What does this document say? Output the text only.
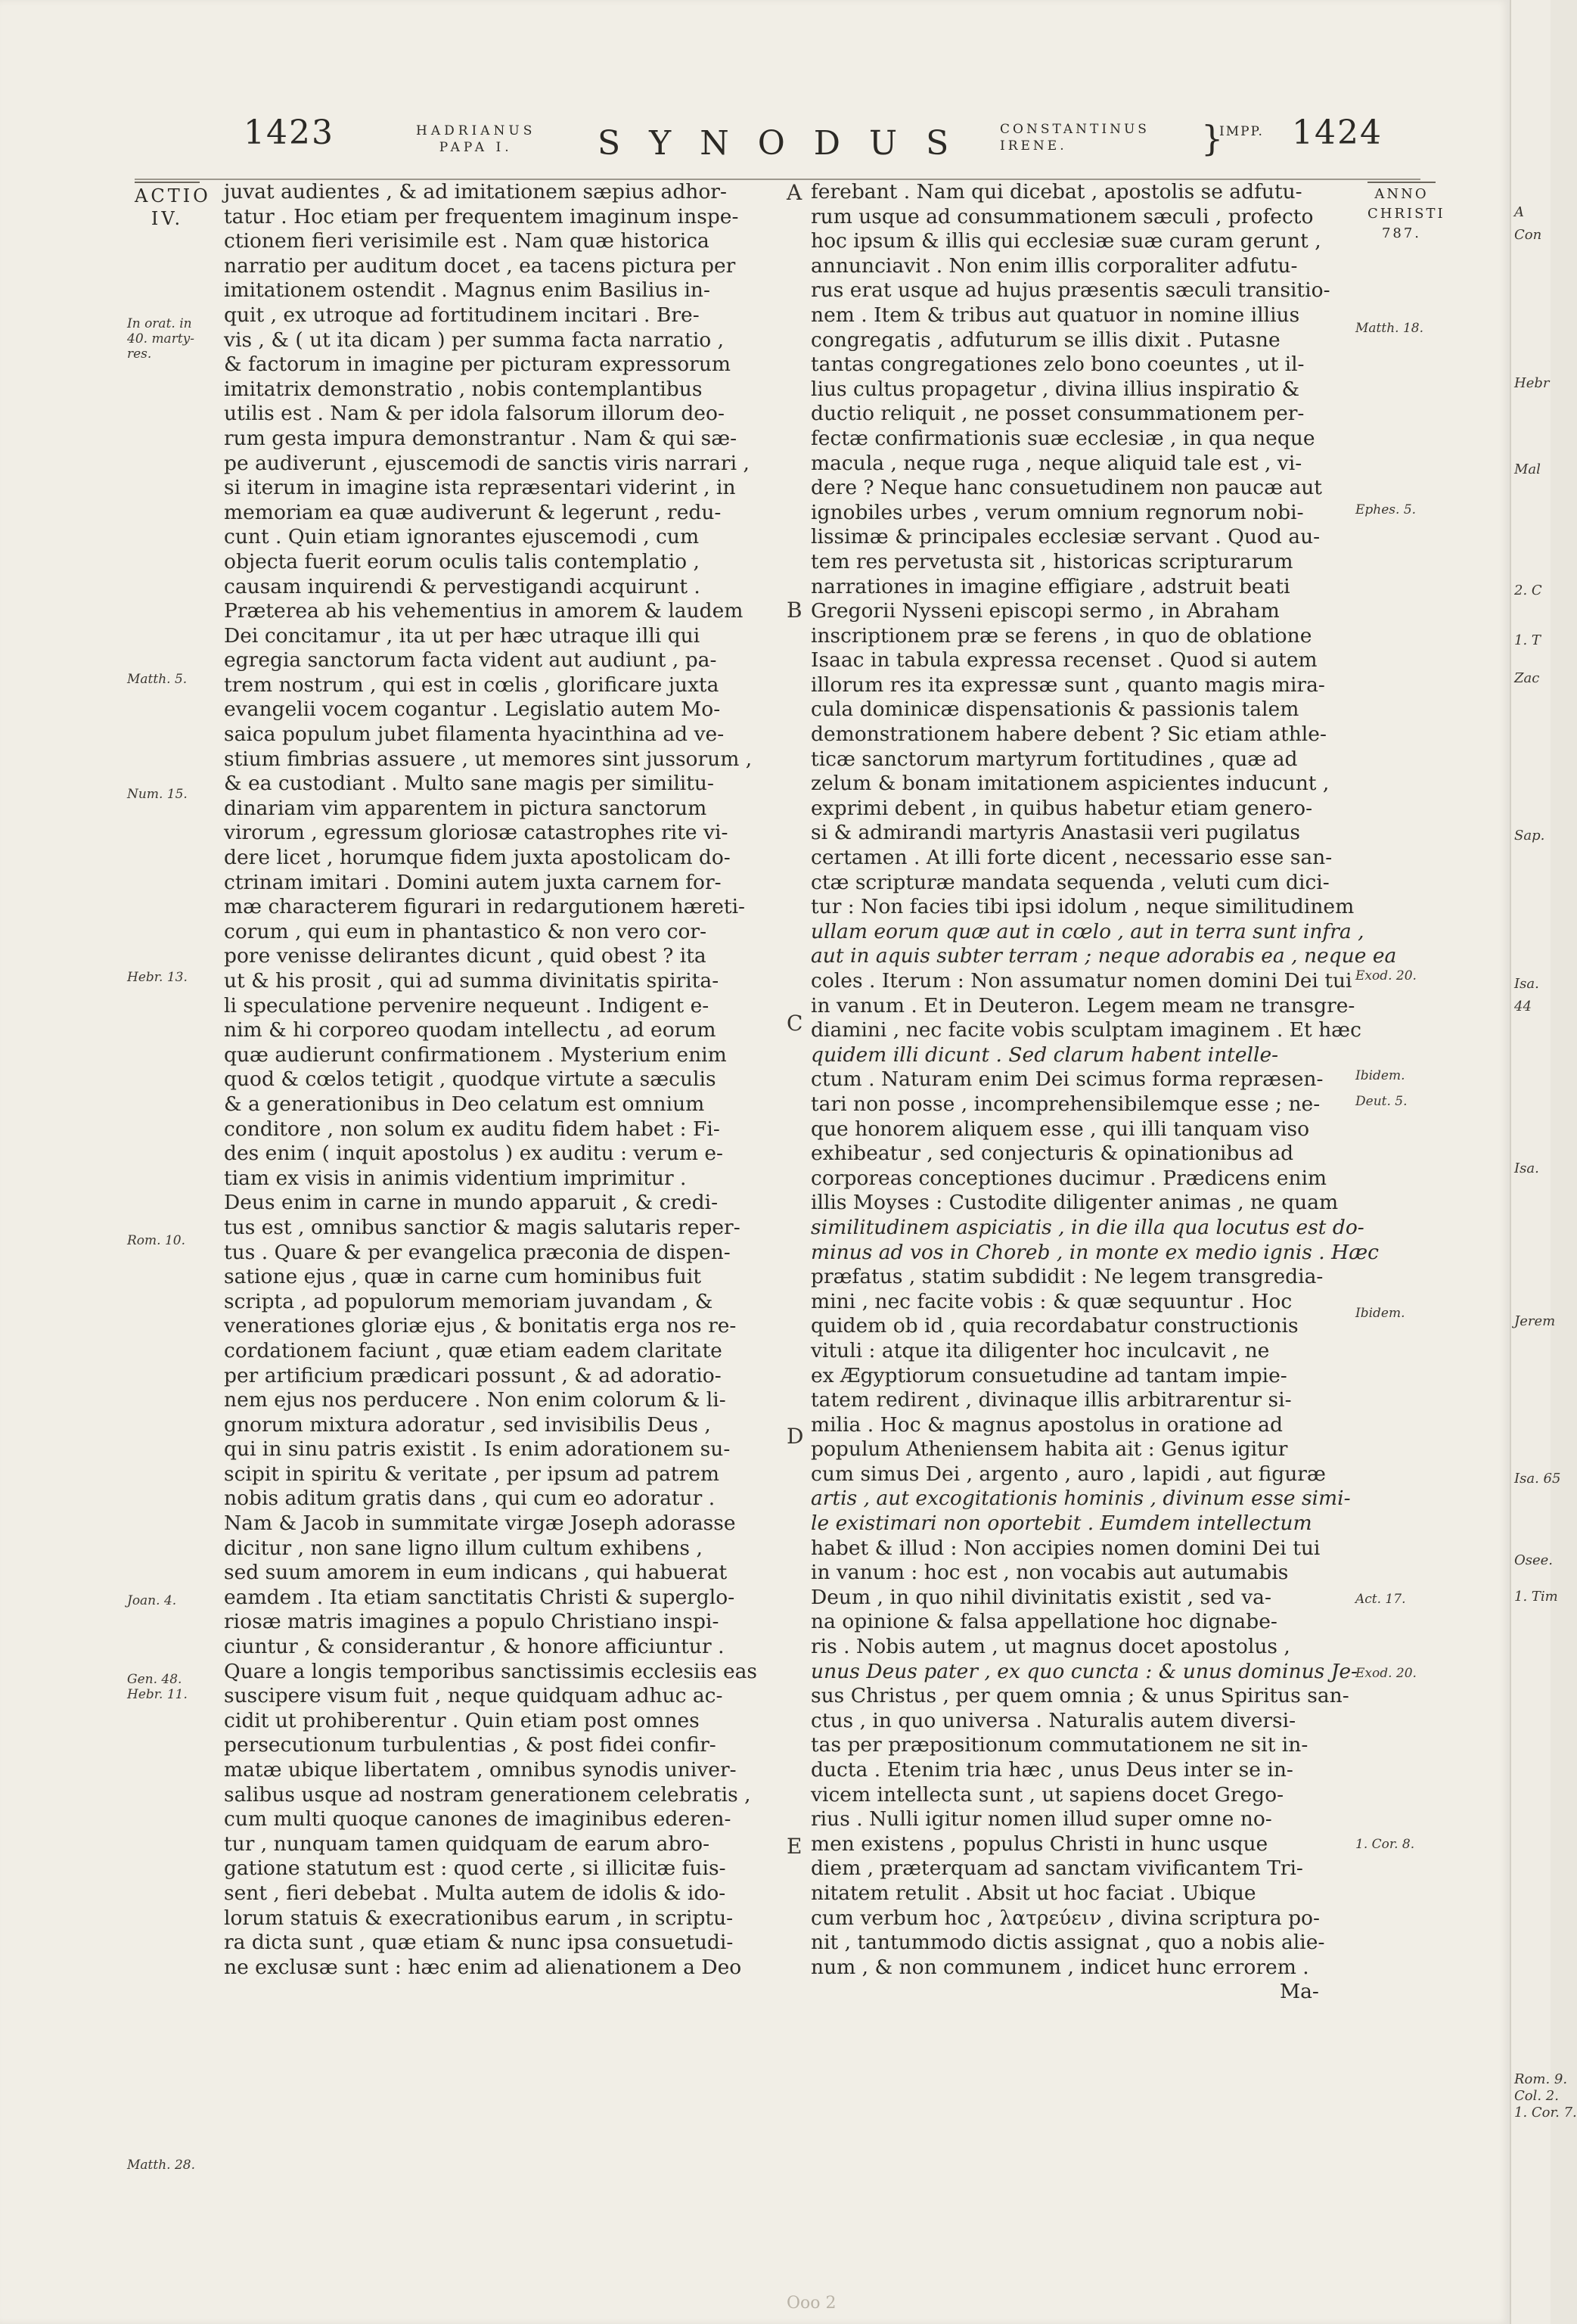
1423	HADRIANUS
PAPA I.	SYNODUS CONSTANTINUS
IRENE.	}
IMPP. 1424
ACTIO
IV.
ANNO
CHRISTI
787.
In orat. in
40. marty-
res.
Matth. 5.
Num. 15.
Hebr. 13.
Rom. 10.
Joan. 4.
Gen. 48.
Hebr. 11.
Matth. 28.
Matth. 18.
Ephes. 5.
Exod. 20.
Ibidem.
Deut. 5.
Ibidem.
Act. 17.
Exod. 20.
1. Cor. 8.
A
B
C
D
E
juvat audientes , & ad imitationem sæpius adhor-
tatur . Hoc etiam per frequentem imaginum inspe-
ctionem fieri verisimile est . Nam quæ historica
narratio per auditum docet , ea tacens pictura per
imitationem ostendit . Magnus enim Basilius in-
quit , ex utroque ad fortitudinem incitari . Bre-
vis , & ( ut ita dicam ) per summa facta narratio ,
& factorum in imagine per picturam expressorum
imitatrix demonstratio , nobis contemplantibus
utilis est . Nam & per idola falsorum illorum deo-
rum gesta impura demonstrantur . Nam & qui sæ-
pe audiverunt , ejuscemodi de sanctis viris narrari ,
si iterum in imagine ista repræsentari viderint , in
memoriam ea quæ audiverunt & legerunt , redu-
cunt . Quin etiam ignorantes ejuscemodi , cum
objecta fuerit eorum oculis talis contemplatio ,
causam inquirendi & pervestigandi acquirunt .
Præterea ab his vehementius in amorem & laudem
Dei concitamur , ita ut per hæc utraque illi qui
egregia sanctorum facta vident aut audiunt , pa-
trem nostrum , qui est in cœlis , glorificare juxta
evangelii vocem cogantur . Legislatio autem Mo-
saica populum jubet filamenta hyacinthina ad ve-
stium fimbrias assuere , ut memores sint jussorum ,
& ea custodiant . Multo sane magis per similitu-
dinariam vim apparentem in pictura sanctorum
virorum , egressum gloriosæ catastrophes rite vi-
dere licet , horumque fidem juxta apostolicam do-
ctrinam imitari . Domini autem juxta carnem for-
mæ characterem figurari in redargutionem hæreti-
corum , qui eum in phantastico & non vero cor-
pore venisse delirantes dicunt , quid obest ? ita
ut & his prosit , qui ad summa divinitatis spirita-
li speculatione pervenire nequeunt . Indigent e-
nim & hi corporeo quodam intellectu , ad eorum
quæ audierunt confirmationem . Mysterium enim
quod & cœlos tetigit , quodque virtute a sæculis
& a generationibus in Deo celatum est omnium
conditore , non solum ex auditu fidem habet : Fi-
des enim ( inquit apostolus ) ex auditu : verum e-
tiam ex visis in animis videntium imprimitur .
Deus enim in carne in mundo apparuit , & credi-
tus est , omnibus sanctior & magis salutaris reper-
tus . Quare & per evangelica præconia de dispen-
satione ejus , quæ in carne cum hominibus fuit
scripta , ad populorum memoriam juvandam , &
venerationes gloriæ ejus , & bonitatis erga nos re-
cordationem faciunt , quæ etiam eadem claritate
per artificium prædicari possunt , & ad adoratio-
nem ejus nos perducere . Non enim colorum & li-
gnorum mixtura adoratur , sed invisibilis Deus ,
qui in sinu patris existit . Is enim adorationem su-
scipit in spiritu & veritate , per ipsum ad patrem
nobis aditum gratis dans , qui cum eo adoratur .
Nam & Jacob in summitate virgæ Joseph adorasse
dicitur , non sane ligno illum cultum exhibens ,
sed suum amorem in eum indicans , qui habuerat
eamdem . Ita etiam sanctitatis Christi & superglo-
riosæ matris imagines a populo Christiano inspi-
ciuntur , & considerantur , & honore afficiuntur .
Quare a longis temporibus sanctissimis ecclesiis eas
suscipere visum fuit , neque quidquam adhuc ac-
cidit ut prohiberentur . Quin etiam post omnes
persecutionum turbulentias , & post fidei confir-
matæ ubique libertatem , omnibus synodis univer-
salibus usque ad nostram generationem celebratis ,
cum multi quoque canones de imaginibus ederen-
tur , nunquam tamen quidquam de earum abro-
gatione statutum est : quod certe , si illicitæ fuis-
sent , fieri debebat . Multa autem de idolis & ido-
lorum statuis & execrationibus earum , in scriptu-
ra dicta sunt , quæ etiam & nunc ipsa consuetudi-
ne exclusæ sunt : hæc enim ad alienationem a Deo
ferebant . Nam qui dicebat , apostolis se adfutu-
rum usque ad consummationem sæculi , profecto
hoc ipsum & illis qui ecclesiæ suæ curam gerunt ,
annunciavit . Non enim illis corporaliter adfutu-
rus erat usque ad hujus præsentis sæculi transitio-
nem . Item & tribus aut quatuor in nomine illius
congregatis , adfuturum se illis dixit . Putasne
tantas congregationes zelo bono coeuntes , ut il-
lius cultus propagetur , divina illius inspiratio &
ductio reliquit , ne posset consummationem per-
fectæ confirmationis suæ ecclesiæ , in qua neque
macula , neque ruga , neque aliquid tale est , vi-
dere ? Neque hanc consuetudinem non paucæ aut
ignobiles urbes , verum omnium regnorum nobi-
lissimæ & principales ecclesiæ servant . Quod au-
tem res pervetusta sit , historicas scripturarum
narrationes in imagine effigiare , adstruit beati
Gregorii Nysseni episcopi sermo , in Abraham
inscriptionem præ se ferens , in quo de oblatione
Isaac in tabula expressa recenset . Quod si autem
illorum res ita expressæ sunt , quanto magis mira-
cula dominicæ dispensationis & passionis talem
demonstrationem habere debent ? Sic etiam athle-
ticæ sanctorum martyrum fortitudines , quæ ad
zelum & bonam imitationem aspicientes inducunt ,
exprimi debent , in quibus habetur etiam genero-
si & admirandi martyris Anastasii veri pugilatus
certamen . At illi forte dicent , necessario esse san-
ctæ scripturæ mandata sequenda , veluti cum dici-
tur : Non facies tibi ipsi idolum , neque similitudinem
ullam eorum quæ aut in cœlo , aut in terra sunt infra ,
aut in aquis subter terram ; neque adorabis ea , neque ea
coles . Iterum : Non assumatur nomen domini Dei tui
in vanum . Et in Deuteron. Legem meam ne transgre-
diamini , nec facite vobis sculptam imaginem . Et hæc
quidem illi dicunt . Sed clarum habent intelle-
ctum . Naturam enim Dei scimus forma repræsen-
tari non posse , incomprehensibilemque esse ; ne-
que honorem aliquem esse , qui illi tanquam viso
exhibeatur , sed conjecturis & opinationibus ad
corporeas conceptiones ducimur . Prædicens enim
illis Moyses : Custodite diligenter animas , ne quam
similitudinem aspiciatis , in die illa qua locutus est do-
minus ad vos in Choreb , in monte ex medio ignis . Hæc
præfatus , statim subdidit : Ne legem transgredia-
mini , nec facite vobis : & quæ sequuntur . Hoc
quidem ob id , quia recordabatur constructionis
vituli : atque ita diligenter hoc inculcavit , ne
ex Ægyptiorum consuetudine ad tantam impie-
tatem redirent , divinaque illis arbitrarentur si-
milia . Hoc & magnus apostolus in oratione ad
populum Atheniensem habita ait : Genus igitur
cum simus Dei , argento , auro , lapidi , aut figuræ
artis , aut excogitationis hominis , divinum esse simi-
le existimari non oportebit . Eumdem intellectum
habet & illud : Non accipies nomen domini Dei tui
in vanum : hoc est , non vocabis aut autumabis
Deum , in quo nihil divinitatis existit , sed va-
na opinione & falsa appellatione hoc dignabe-
ris . Nobis autem , ut magnus docet apostolus ,
unus Deus pater , ex quo cuncta : & unus dominus Je-
sus Christus , per quem omnia ; & unus Spiritus san-
ctus , in quo universa . Naturalis autem diversi-
tas per præpositionum commutationem ne sit in-
ducta . Etenim tria hæc , unus Deus inter se in-
vicem intellecta sunt , ut sapiens docet Grego-
rius . Nulli igitur nomen illud super omne no-
men existens , populus Christi in hunc usque
diem , præterquam ad sanctam vivificantem Tri-
nitatem retulit . Absit ut hoc faciat . Ubique
cum verbum hoc , λατρεύειν , divina scriptura po-
nit , tantummodo dictis assignat , quo a nobis alie-
num , & non communem , indicet hunc errorem .
Ma-
Ooo 2
A
Con
Hebr
Mal
2. C
1. T
Zac
Sap.
Isa.
44
Isa.
Jerem
Isa. 65
Osee.
1. Tim
Rom. 9.
Col. 2.
1. Cor. 7.
